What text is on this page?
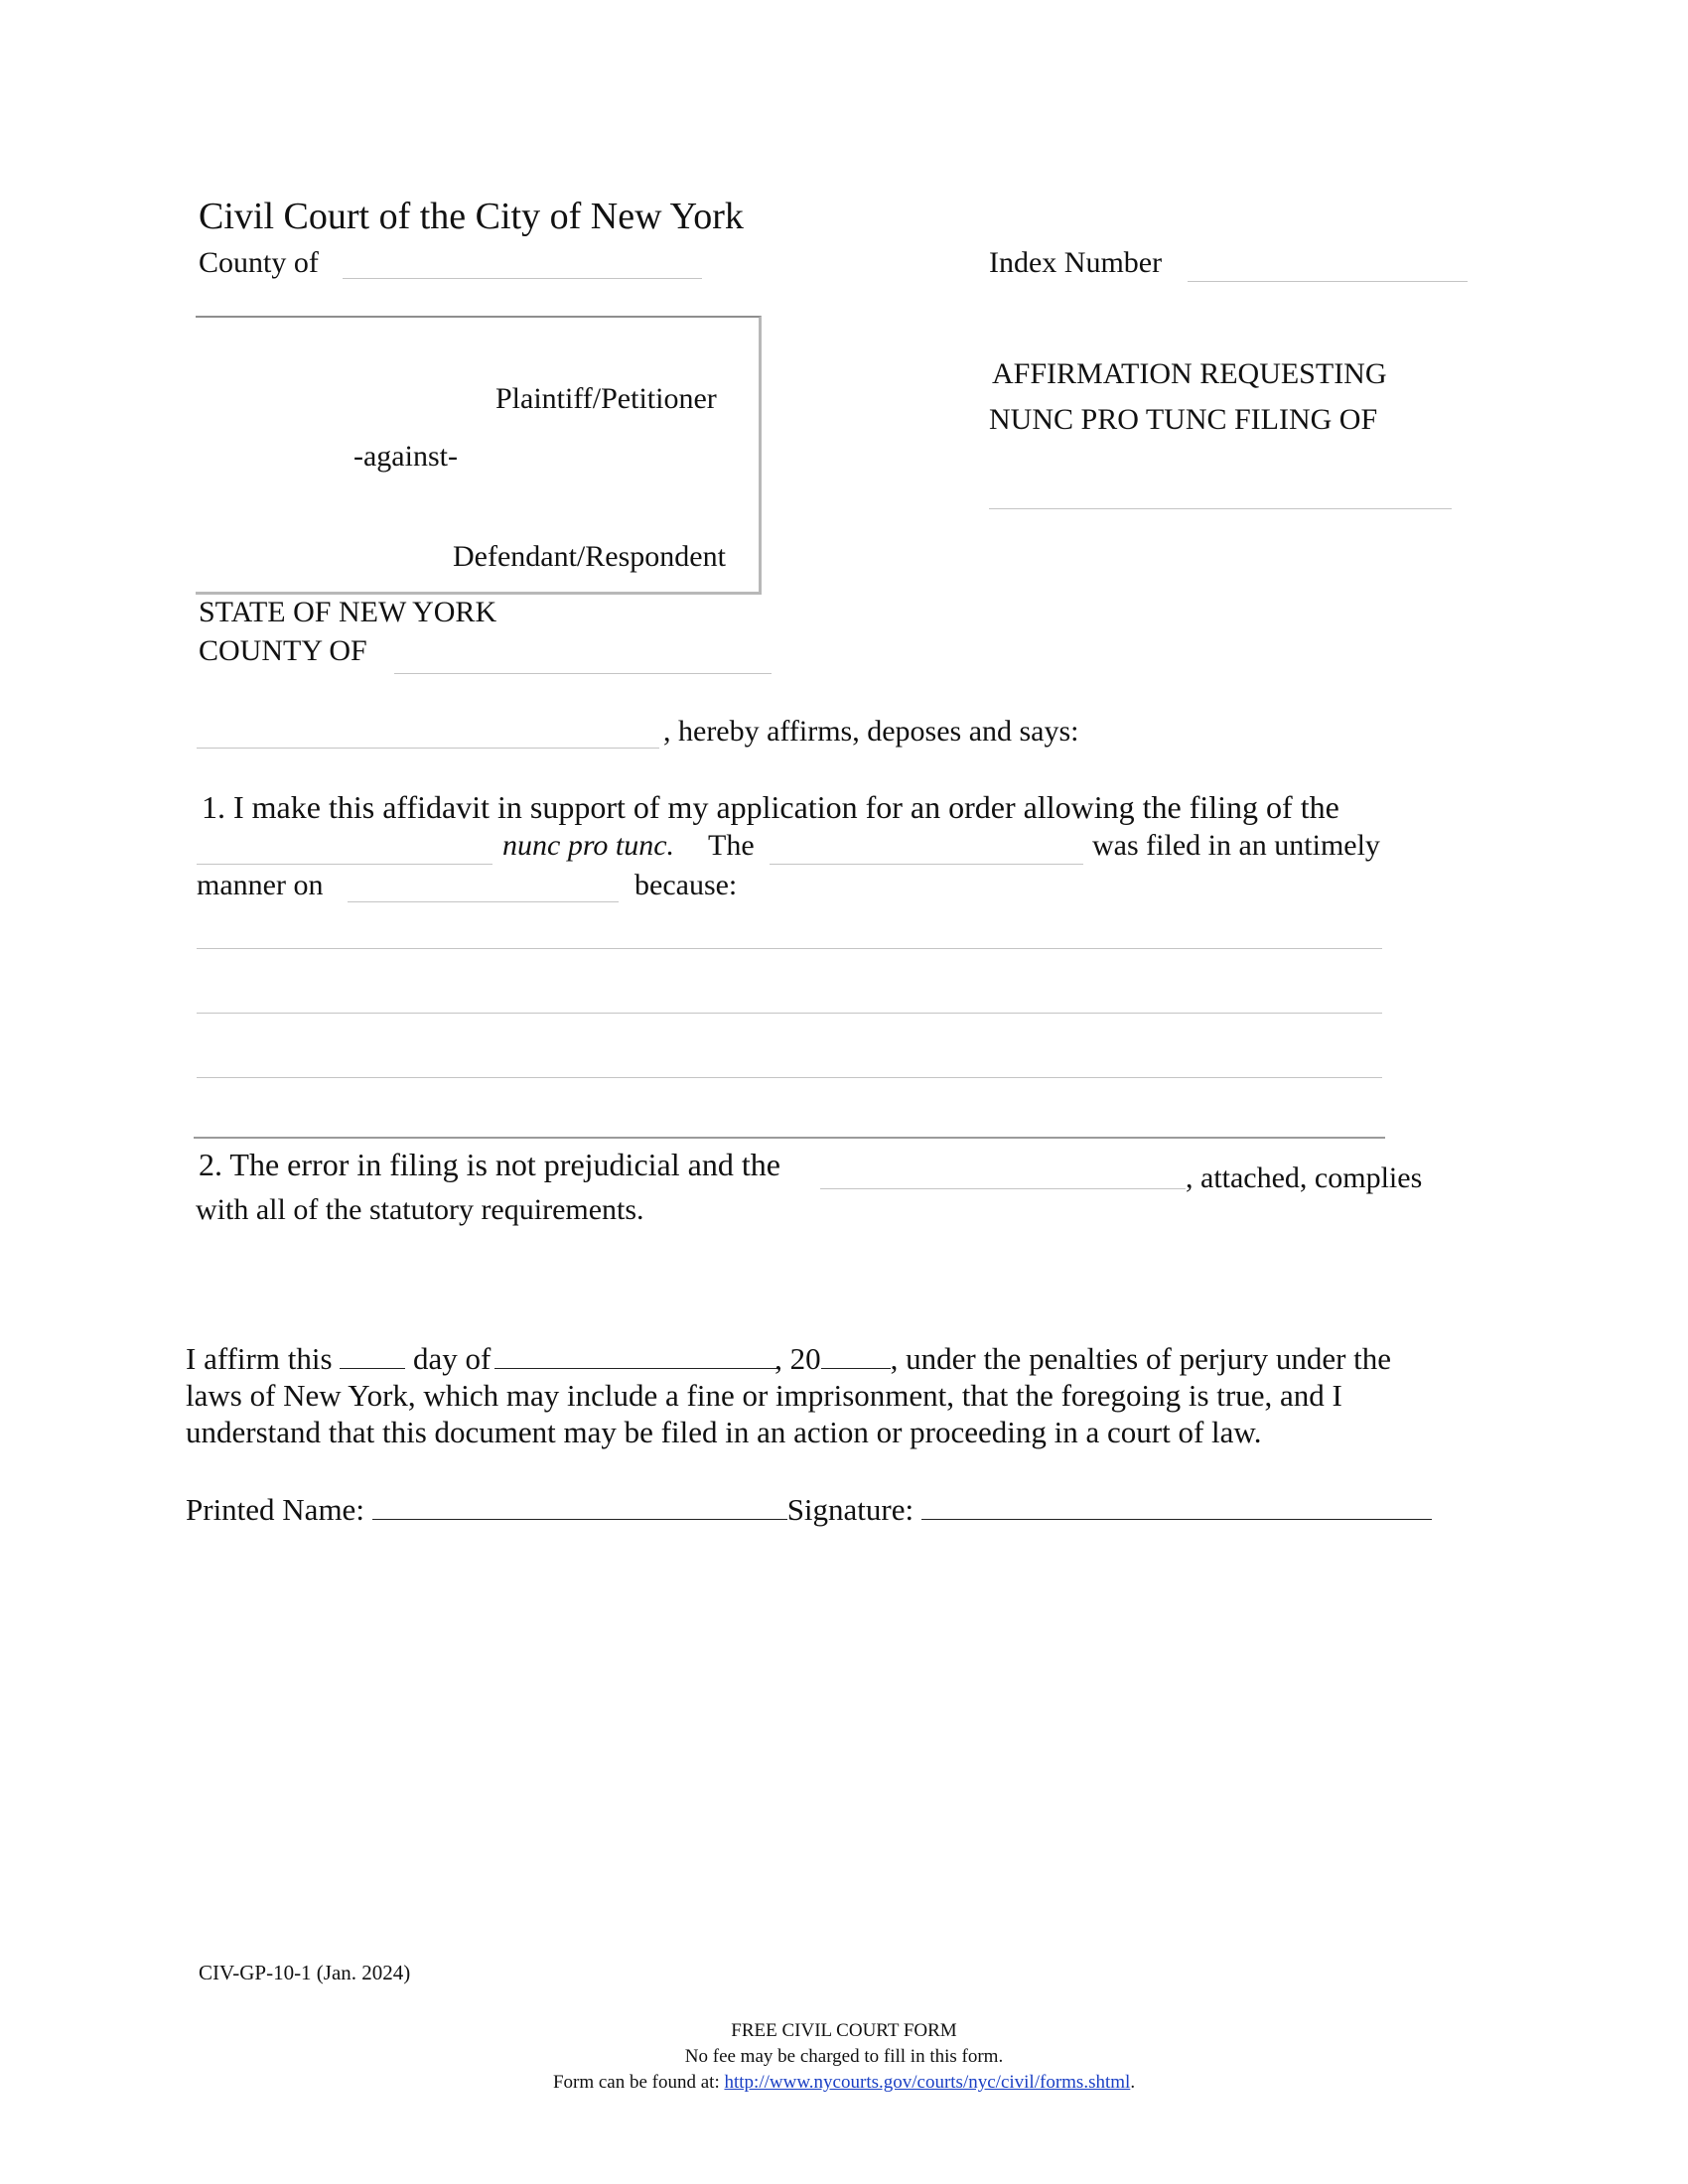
Civil Court of the City of New York
County of	Index Number
Plaintiff/Petitioner
-against-
Defendant/Respondent
AFFIRMATION REQUESTING
NUNC PRO TUNC FILING OF
STATE OF NEW YORK
COUNTY OF
, hereby affirms, deposes and says:
1. I make this affidavit in support of my application for an order allowing the filing of the
nunc pro tunc. The	was filed in an untimely
manner on	because:
2. The error in filing is not prejudicial and the	, attached, complies
with all of the statutory requirements.
I affirm this	day of	, 20 , under the penalties of perjury under the
laws of New York, which may include a fine or imprisonment, that the foregoing is true, and I
understand that this document may be filed in an action or proceeding in a court of law.
Printed Name:	Signature:
CIV-GP-10-1 (Jan. 2024)
FREE CIVIL COURT FORM
No fee may be charged to fill in this form.
Form can be found at: http://www.nycourts.gov/courts/nyc/civil/forms.shtml.
